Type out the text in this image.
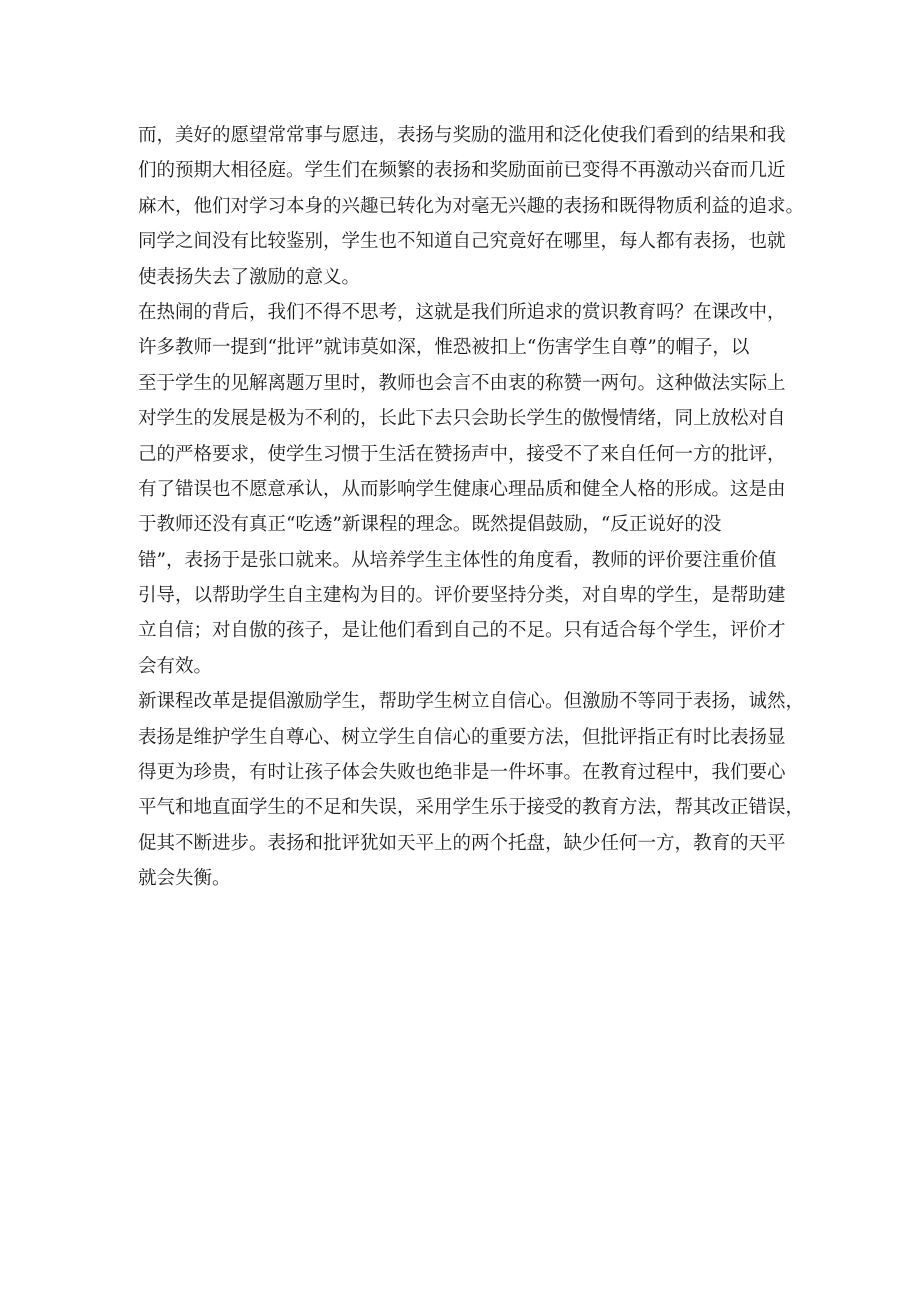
而，美好的愿望常常事与愿违，表扬与奖励的滥用和泛化使我们看到的结果和我
们的预期大相径庭。学生们在频繁的表扬和奖励面前已变得不再激动兴奋而几近
麻木，他们对学习本身的兴趣已转化为对毫无兴趣的表扬和既得物质利益的追求。
同学之间没有比较鉴别，学生也不知道自己究竟好在哪里，每人都有表扬，也就
使表扬失去了激励的意义。
在热闹的背后，我们不得不思考，这就是我们所追求的赏识教育吗？在课改中，
许多教师一提到“批评”就讳莫如深，惟恐被扣上“伤害学生自尊”的帽子，以
至于学生的见解离题万里时，教师也会言不由衷的称赞一两句。这种做法实际上
对学生的发展是极为不利的，长此下去只会助长学生的傲慢情绪，同上放松对自
己的严格要求，使学生习惯于生活在赞扬声中，接受不了来自任何一方的批评，
有了错误也不愿意承认，从而影响学生健康心理品质和健全人格的形成。这是由
于教师还没有真正“吃透”新课程的理念。既然提倡鼓励，“反正说好的没
错”，表扬于是张口就来。从培养学生主体性的角度看，教师的评价要注重价值
引导，以帮助学生自主建构为目的。评价要坚持分类，对自卑的学生，是帮助建
立自信；对自傲的孩子，是让他们看到自己的不足。只有适合每个学生，评价才
会有效。
新课程改革是提倡激励学生，帮助学生树立自信心。但激励不等同于表扬，诚然，
表扬是维护学生自尊心、树立学生自信心的重要方法，但批评指正有时比表扬显
得更为珍贵，有时让孩子体会失败也绝非是一件坏事。在教育过程中，我们要心
平气和地直面学生的不足和失误，采用学生乐于接受的教育方法，帮其改正错误，
促其不断进步。表扬和批评犹如天平上的两个托盘，缺少任何一方，教育的天平
就会失衡。
